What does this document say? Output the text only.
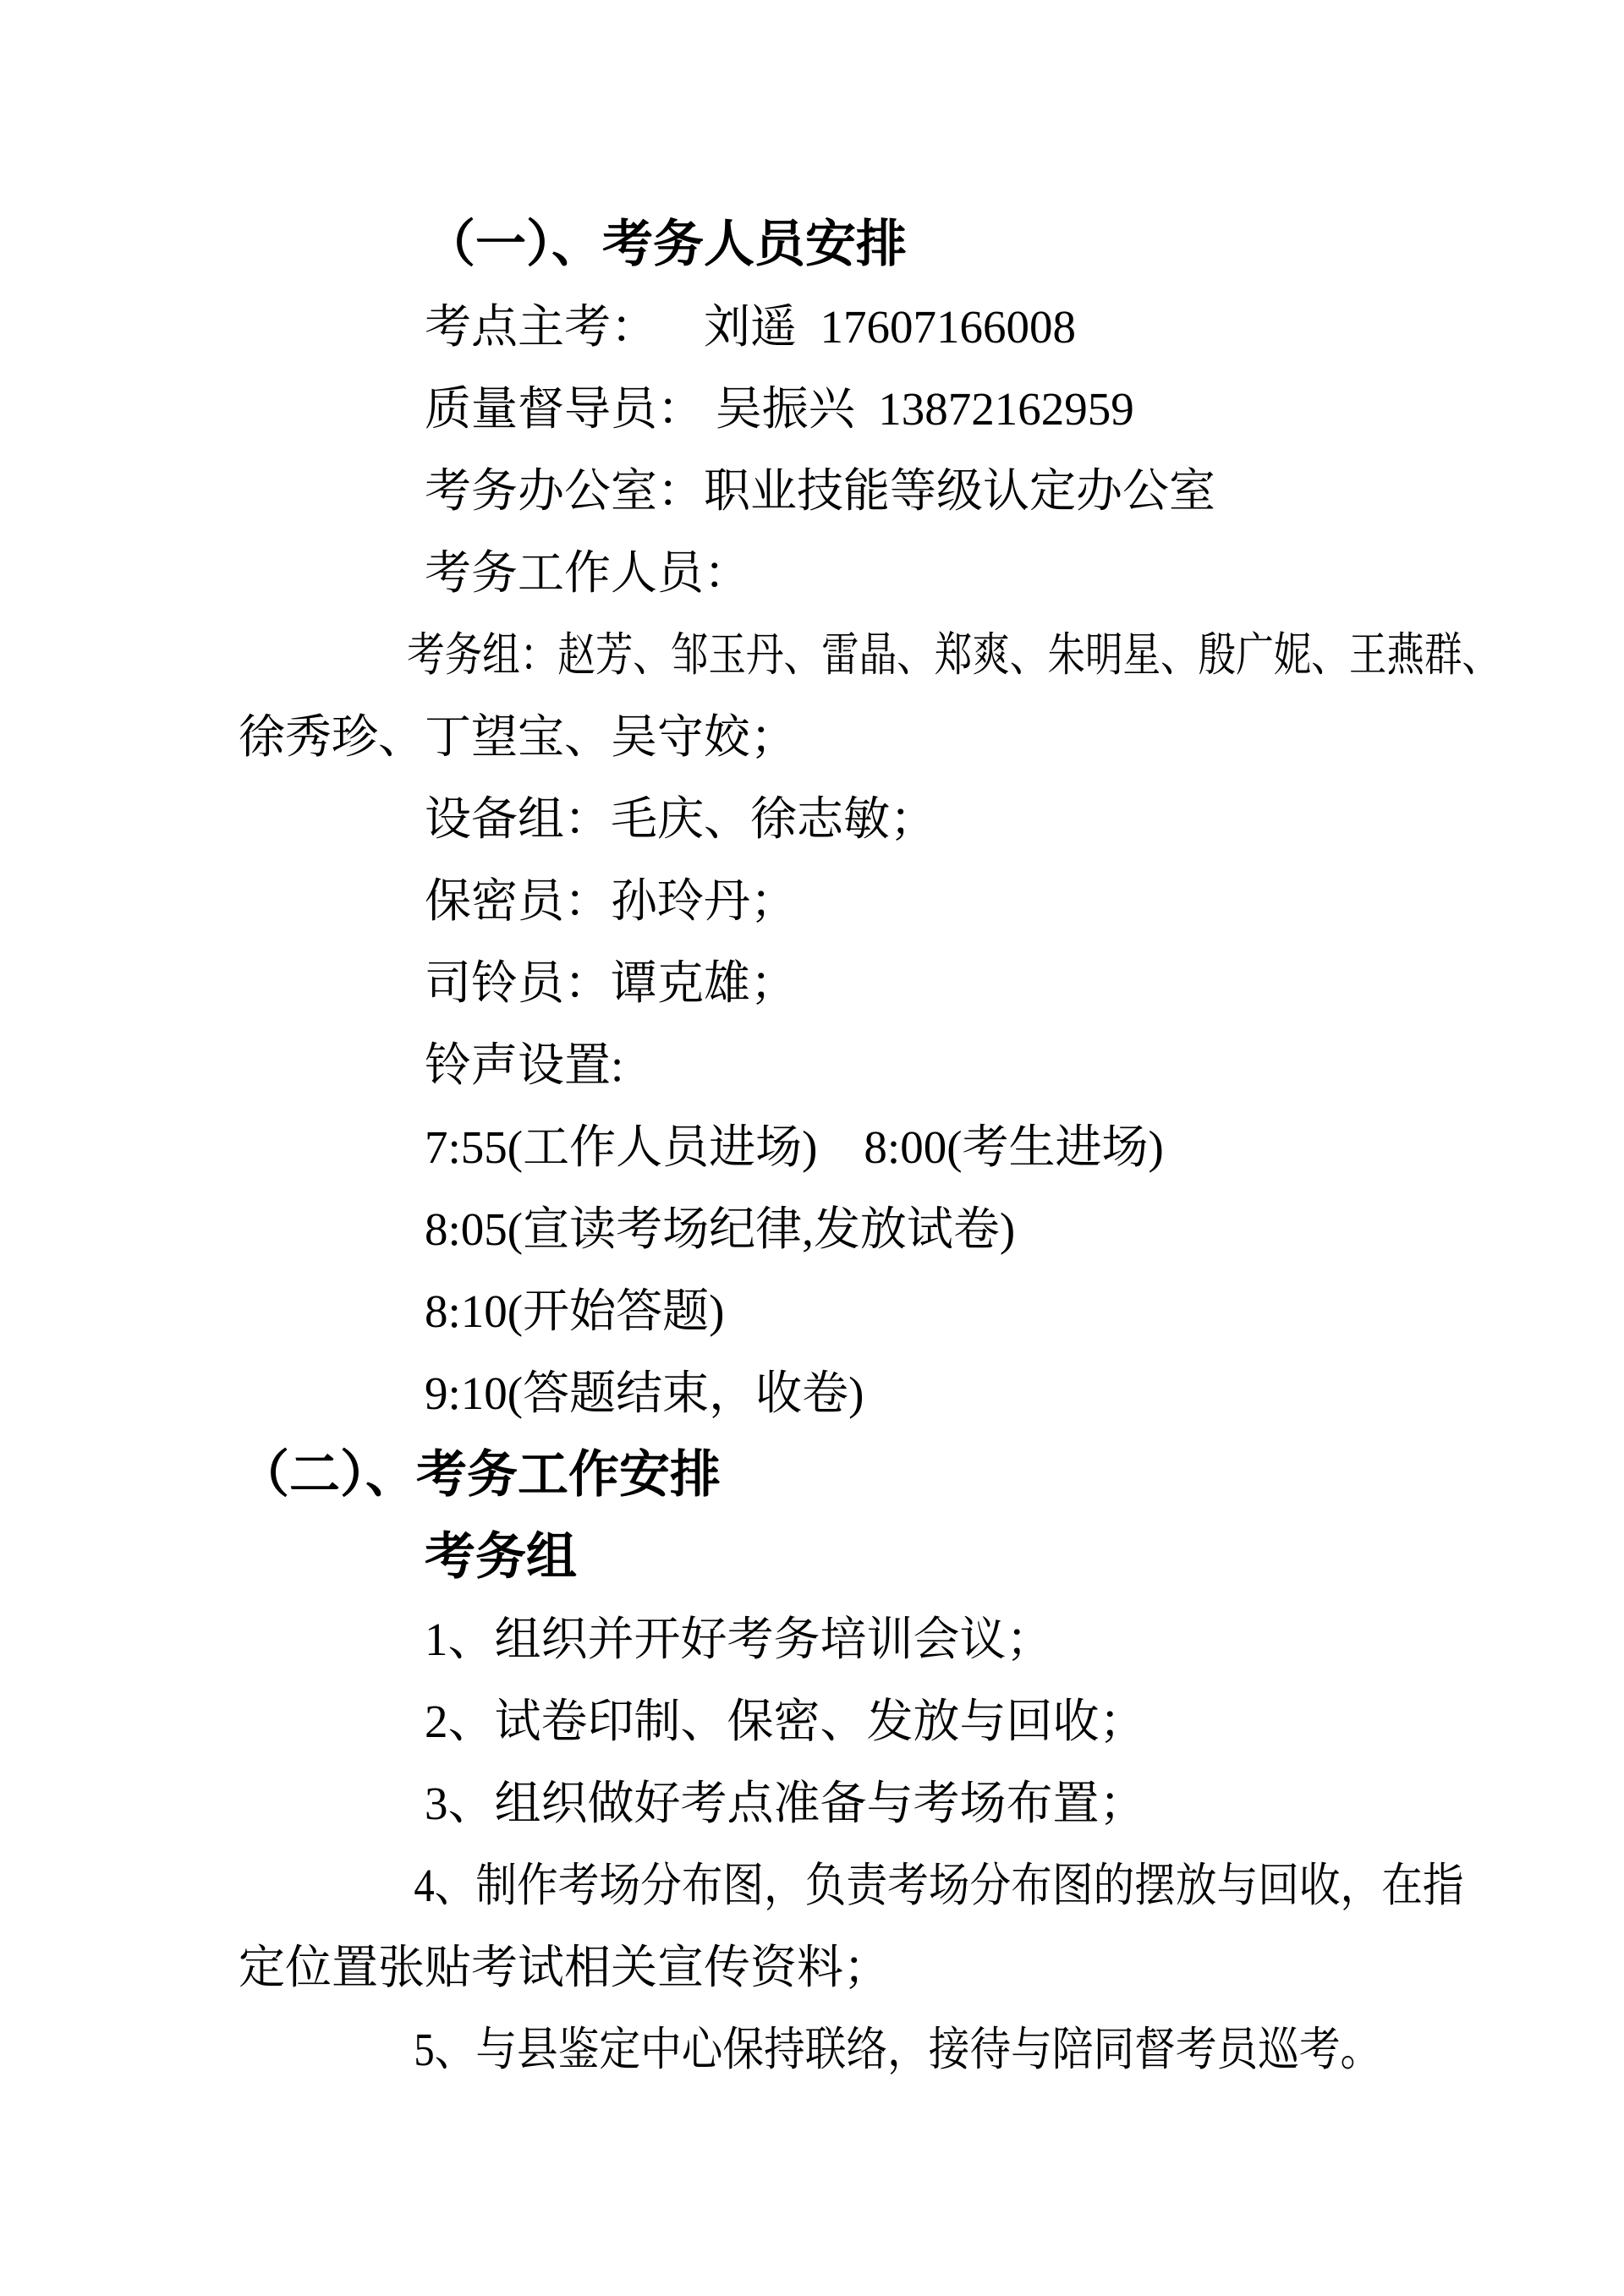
（一）、考务人员安排

考点主考：    刘遥  17607166008

质量督导员： 吴振兴  13872162959

考务办公室：职业技能等级认定办公室

考务工作人员：

考务组：赵芳、邹玉丹、雷晶、郑爽、朱明星、殷广妮、王燕群、

徐秀珍、丁望宝、吴守姣；

设备组：毛庆、徐志敏；

保密员：孙玲丹；

司铃员：谭克雄；

铃声设置:

7:55(工作人员进场)    8:00(考生进场)

8:05(宣读考场纪律,发放试卷)

8:10(开始答题)

9:10(答题结束，收卷)

（二）、考务工作安排

考务组

1、组织并开好考务培训会议；

2、试卷印制、保密、发放与回收；

3、组织做好考点准备与考场布置；

4、制作考场分布图，负责考场分布图的摆放与回收，在指

定位置张贴考试相关宣传资料；

5、与县鉴定中心保持联络，接待与陪同督考员巡考。
